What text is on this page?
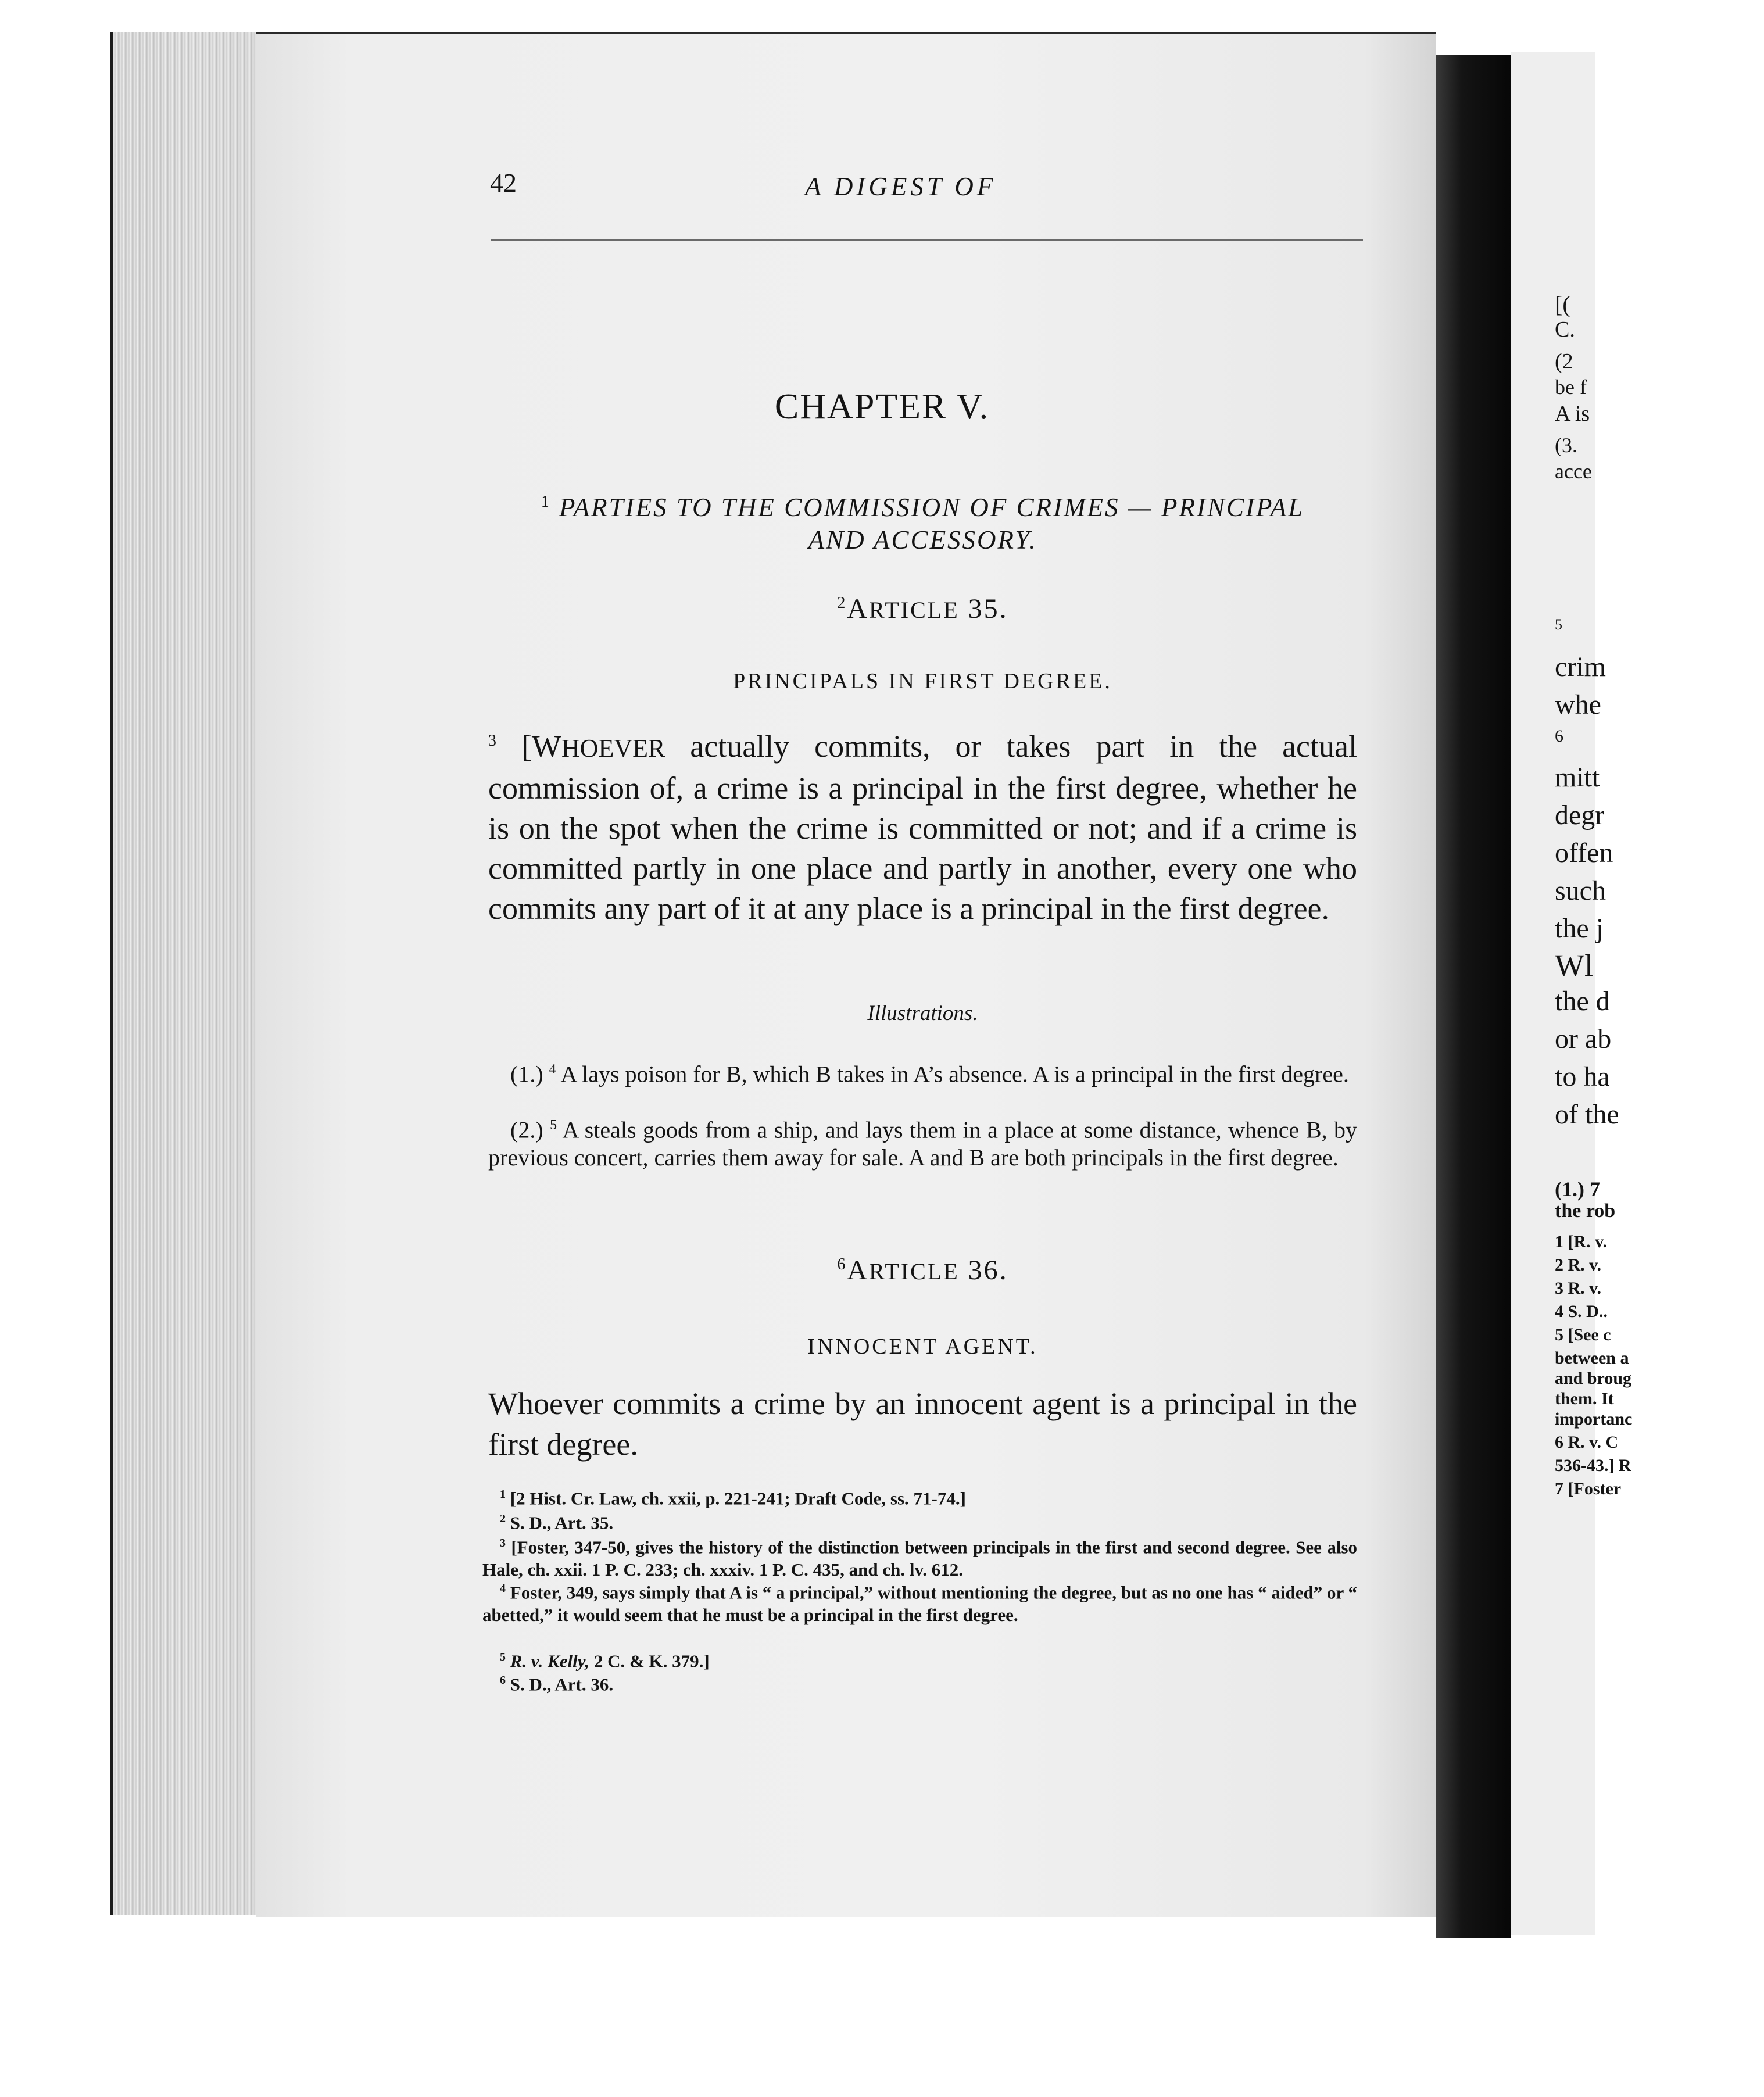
[(
C.
(2
be f
A is
(3.
acce
5
crim
whe
6
mitt
degr
offen
such
the j
Wl
the d
or ab
to ha
of the
(1.) 7
the rob
1 [R. v.
2 R. v.
3 R. v.
4 S. D..
5 [See c
between a
and broug
them. It
importanc
6 R. v. C
536-43.] R
7 [Foster
42	A DIGEST OF
CHAPTER V.
$^1$ PARTIES TO THE COMMISSION OF CRIMES — PRINCIPAL
AND ACCESSORY.
$^2$ARTICLE 35.
PRINCIPALS IN FIRST DEGREE.
$^3$ [WHOEVER actually commits, or takes part in the actual commission of, a crime is a principal in the first degree, whether he is on the spot when the crime is committed or not; and if a crime is committed partly in one place and partly in another, every one who commits any part of it at any place is a principal in the first degree.
Illustrations.
(1.) $^4$ A lays poison for B, which B takes in A’s absence. A is a principal in the first degree.
(2.) $^5$ A steals goods from a ship, and lays them in a place at some distance, whence B, by previous concert, carries them away for sale. A and B are both principals in the first degree.
$^6$ARTICLE 36.
INNOCENT AGENT.
Whoever commits a crime by an innocent agent is a principal in the first degree.
$^1$ [2 Hist. Cr. Law, ch. xxii, p. 221-241; Draft Code, ss. 71-74.]
$^2$ S. D., Art. 35.
$^3$ [Foster, 347-50, gives the history of the distinction between principals in the first and second degree. See also Hale, ch. xxii. 1 P. C. 233; ch. xxxiv. 1 P. C. 435, and ch. lv. 612.
$^4$ Foster, 349, says simply that A is “ a principal,” without mentioning the degree, but as no one has “ aided” or “ abetted,” it would seem that he must be a principal in the first degree.
$^5$ R. v. Kelly, 2 C. & K. 379.]
$^6$ S. D., Art. 36.
